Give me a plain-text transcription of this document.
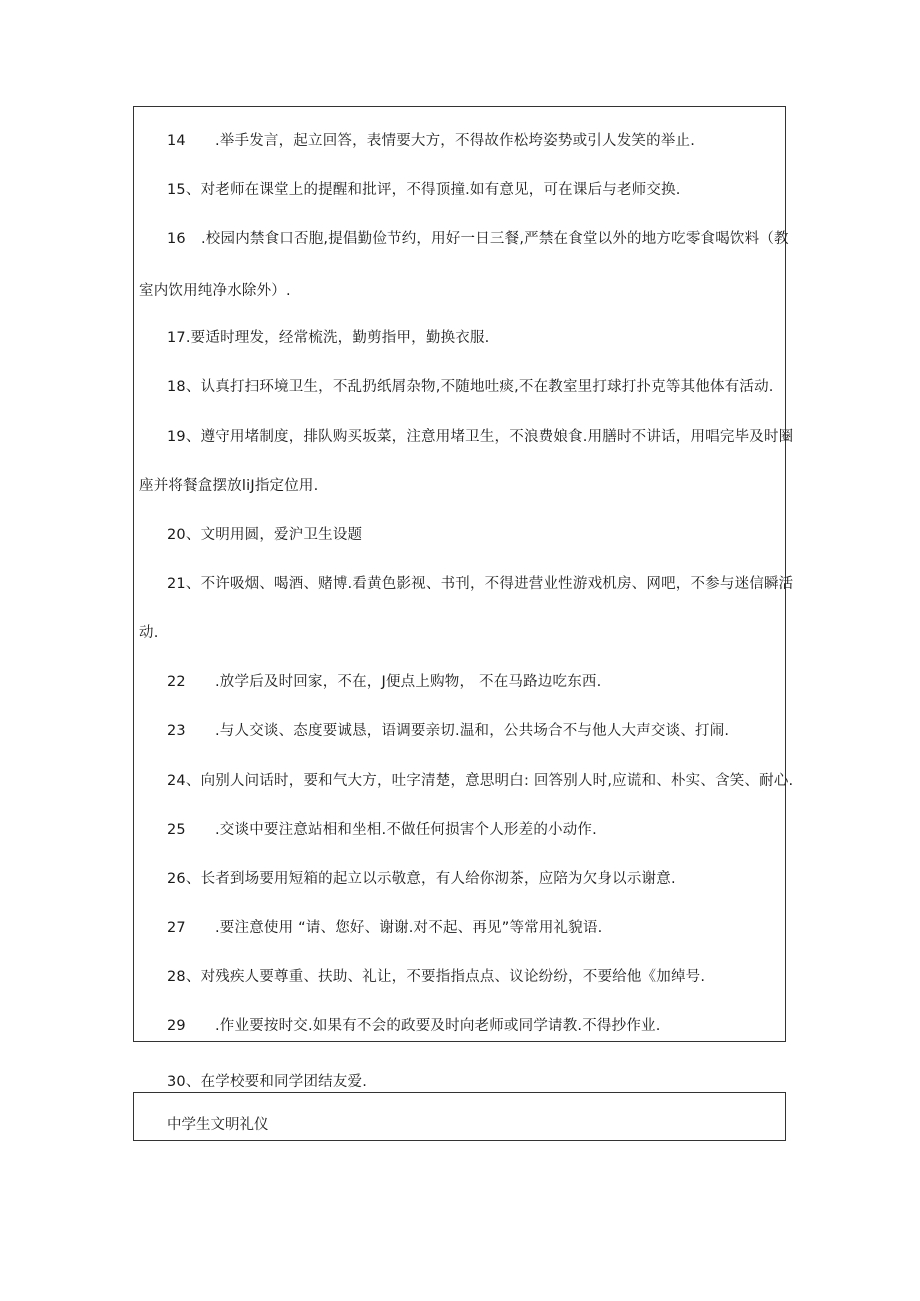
14 .举手发言，起立回答，表情要大方，不得故作松垮姿势或引人发笑的举止.
15、对老师在课堂上的提醒和批评，不得顶撞.如有意见，可在课后与老师交换.
16 .校园内禁食口否胞,提倡勤俭节约，用好一日三餐,严禁在食堂以外的地方吃零食喝饮料（教
室内饮用纯净水除外）.
17.要适时理发，经常梳洗，勤剪指甲，勤换衣服.
18、认真打扫环境卫生，不乱扔纸屑杂物,不随地吐痰,不在教室里打球打扑克等其他体有活动.
19、遵守用堵制度，排队购买坂菜，注意用堵卫生，不浪费娘食.用膳时不讲话，用唱完毕及时圈
座并将餐盒摆放liJ指定位用.
20、文明用圆，爱沪卫生设题
21、不许吸烟、喝酒、赌博.看黄色影视、书刊，不得进营业性游戏机房、网吧，不参与迷信瞬活
动.
22 .放学后及时回家，不在，J便点上购物， 不在马路边吃东西.
23 .与人交谈、态度要诚恳，语调要亲切.温和，公共场合不与他人大声交谈、打闹.
24、向别人问话时，要和气大方，吐字清楚，意思明白: 回答别人时,应谎和、朴实、含笑、耐心.
25 .交谈中要注意站相和坐相.不做任何损害个人形差的小动作.
26、长者到场要用短箱的起立以示敬意，有人给你沏茶，应陪为欠身以示谢意.
27 .要注意使用 “请、您好、谢谢.对不起、再见”等常用礼貌语.
28、对残疾人要尊重、扶助、礼让，不要指指点点、议论纷纷，不要给他《加绰号.
29 .作业要按时交.如果有不会的政要及时向老师或同学请教.不得抄作业.
30、在学校要和同学团结友爱.
中学生文明礼仪
